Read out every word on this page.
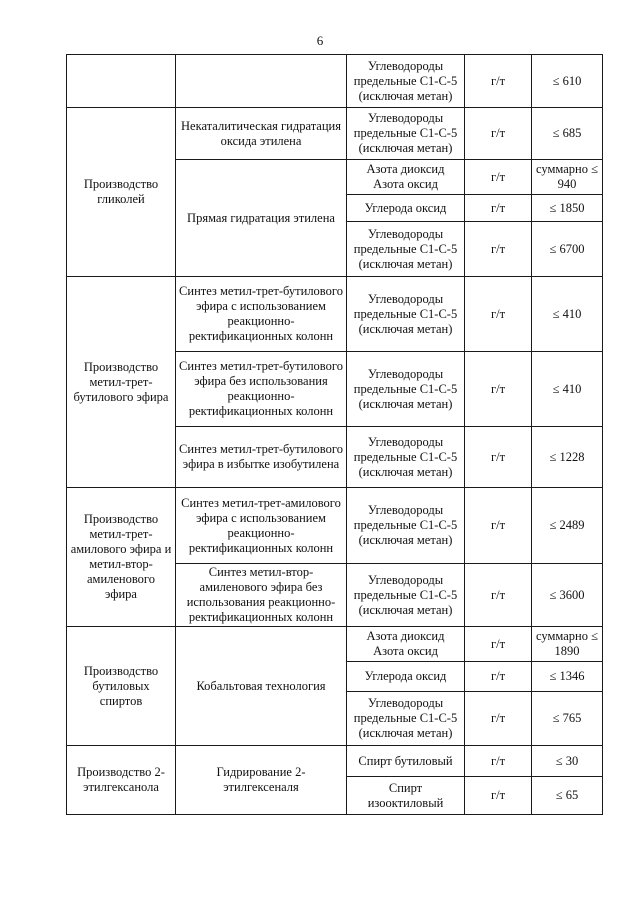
6
		Углеводороды предельные С1-С-5 (исключая метан)	г/т	≤ 610
Производство гликолей	Некаталитическая гидратация оксида этилена	Углеводороды предельные С1-С-5 (исключая метан)	г/т	≤ 685
	Прямая гидратация этилена	Азота диоксид Азота оксид	г/т	суммарно ≤ 940
		Углерода оксид	г/т	≤ 1850
		Углеводороды предельные С1-С-5 (исключая метан)	г/т	≤ 6700
Производство метил-трет-бутилового эфира	Синтез метил-трет-бутилового эфира с использованием реакционно-ректификационных колонн	Углеводороды предельные С1-С-5 (исключая метан)	г/т	≤ 410
	Синтез метил-трет-бутилового эфира без использования реакционно-ректификационных колонн	Углеводороды предельные С1-С-5 (исключая метан)	г/т	≤ 410
	Синтез метил-трет-бутилового эфира в избытке изобутилена	Углеводороды предельные С1-С-5 (исключая метан)	г/т	≤ 1228
Производство метил-трет-амилового эфира и метил-втор-амиленового эфира	Синтез метил-трет-амилового эфира с использованием реакционно-ректификационных колонн	Углеводороды предельные С1-С-5 (исключая метан)	г/т	≤ 2489
	Синтез метил-втор-амиленового эфира без использования реакционно-ректификационных колонн	Углеводороды предельные С1-С-5 (исключая метан)	г/т	≤ 3600
Производство бутиловых спиртов	Кобальтовая технология	Азота диоксид Азота оксид	г/т	суммарно ≤ 1890
		Углерода оксид	г/т	≤ 1346
		Углеводороды предельные С1-С-5 (исключая метан)	г/т	≤ 765
Производство 2-этилгексанола	Гидрирование 2-этилгексеналя	Спирт бутиловый	г/т	≤ 30
		Спирт изооктиловый	г/т	≤ 65
